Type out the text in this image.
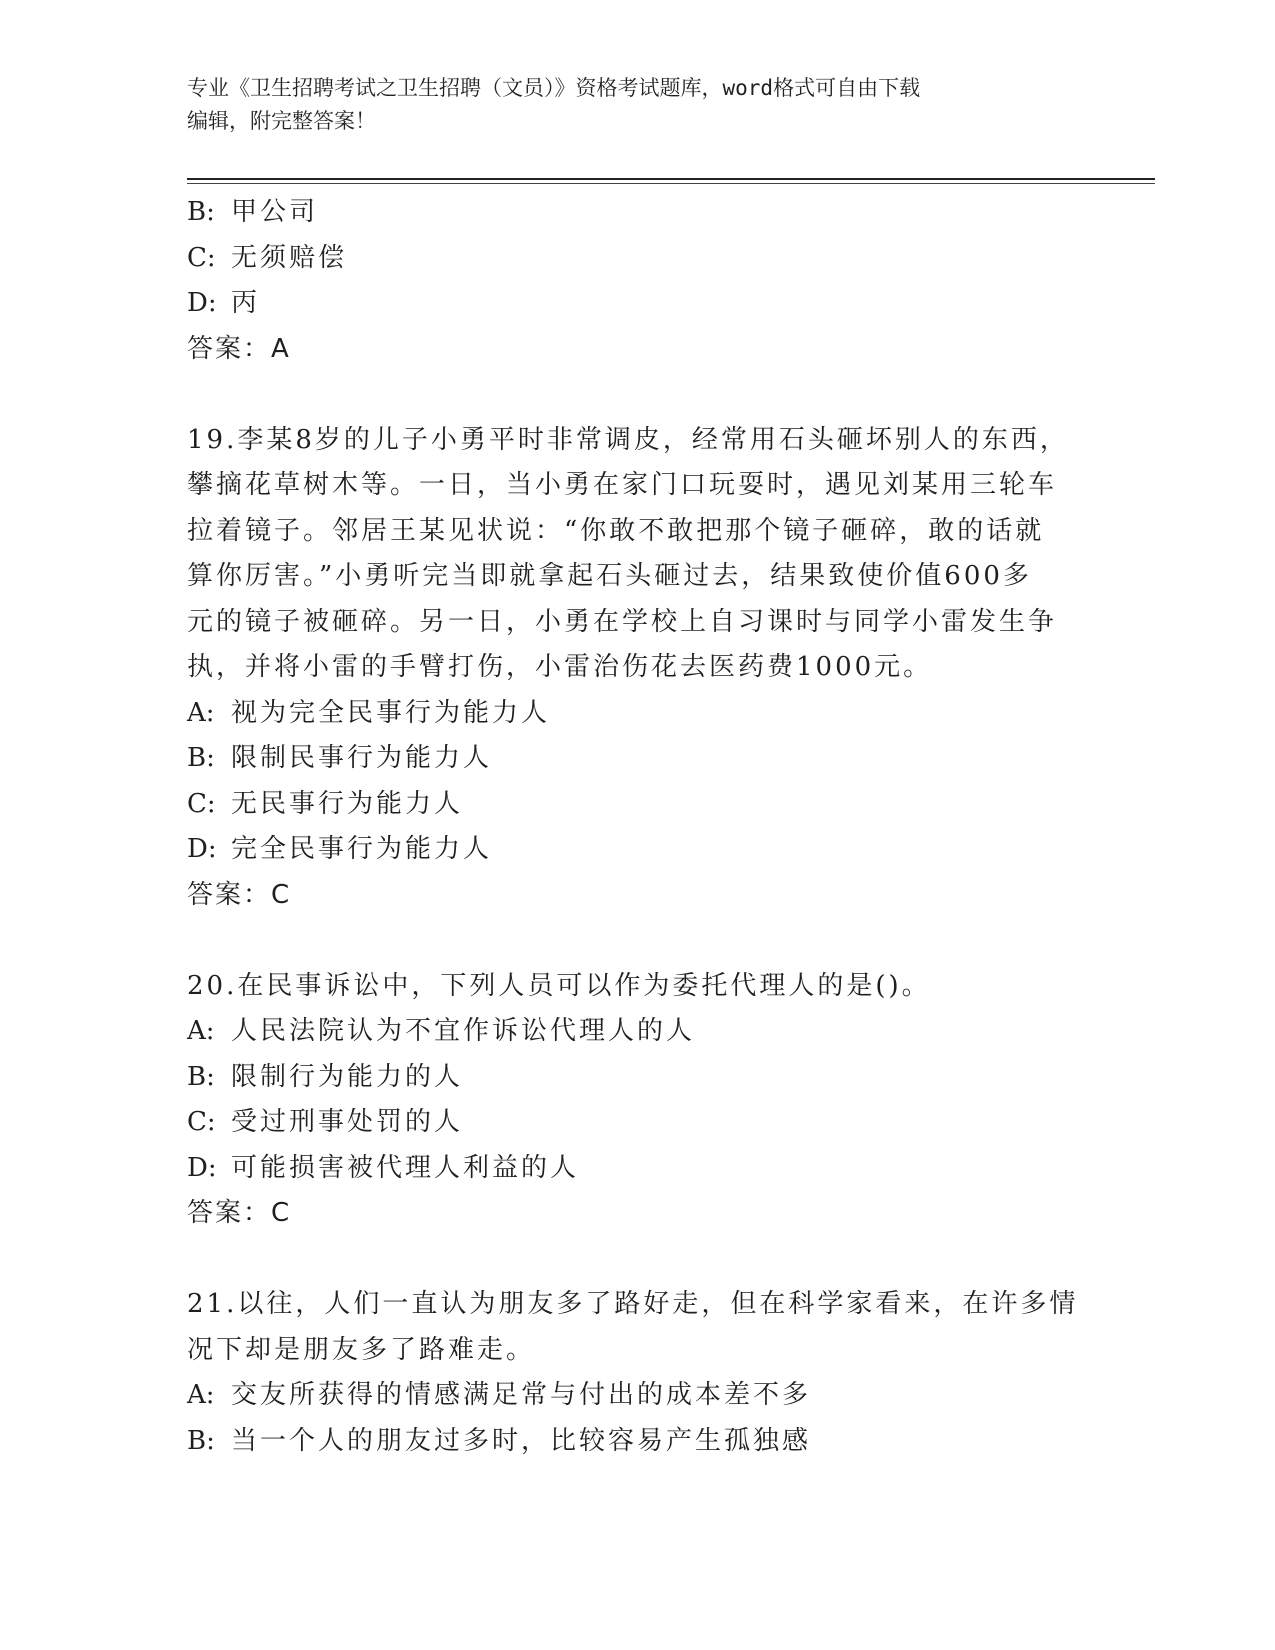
专业《卫生招聘考试之卫生招聘（文员）》资格考试题库，word格式可自由下载
编辑，附完整答案！
B: 甲公司
C: 无须赔偿
D: 丙
答案：A
19.李某8岁的儿子小勇平时非常调皮，经常用石头砸坏别人的东西，
攀摘花草树木等。一日，当小勇在家门口玩耍时，遇见刘某用三轮车
拉着镜子。邻居王某见状说：“你敢不敢把那个镜子砸碎，敢的话就
算你厉害。”小勇听完当即就拿起石头砸过去，结果致使价值600多
元的镜子被砸碎。另一日，小勇在学校上自习课时与同学小雷发生争
执，并将小雷的手臂打伤，小雷治伤花去医药费1000元。
A: 视为完全民事行为能力人
B: 限制民事行为能力人
C: 无民事行为能力人
D: 完全民事行为能力人
答案：C
20.在民事诉讼中，下列人员可以作为委托代理人的是()。
A: 人民法院认为不宜作诉讼代理人的人
B: 限制行为能力的人
C: 受过刑事处罚的人
D: 可能损害被代理人利益的人
答案：C
21.以往，人们一直认为朋友多了路好走，但在科学家看来，在许多情
况下却是朋友多了路难走。
A: 交友所获得的情感满足常与付出的成本差不多
B: 当一个人的朋友过多时，比较容易产生孤独感
